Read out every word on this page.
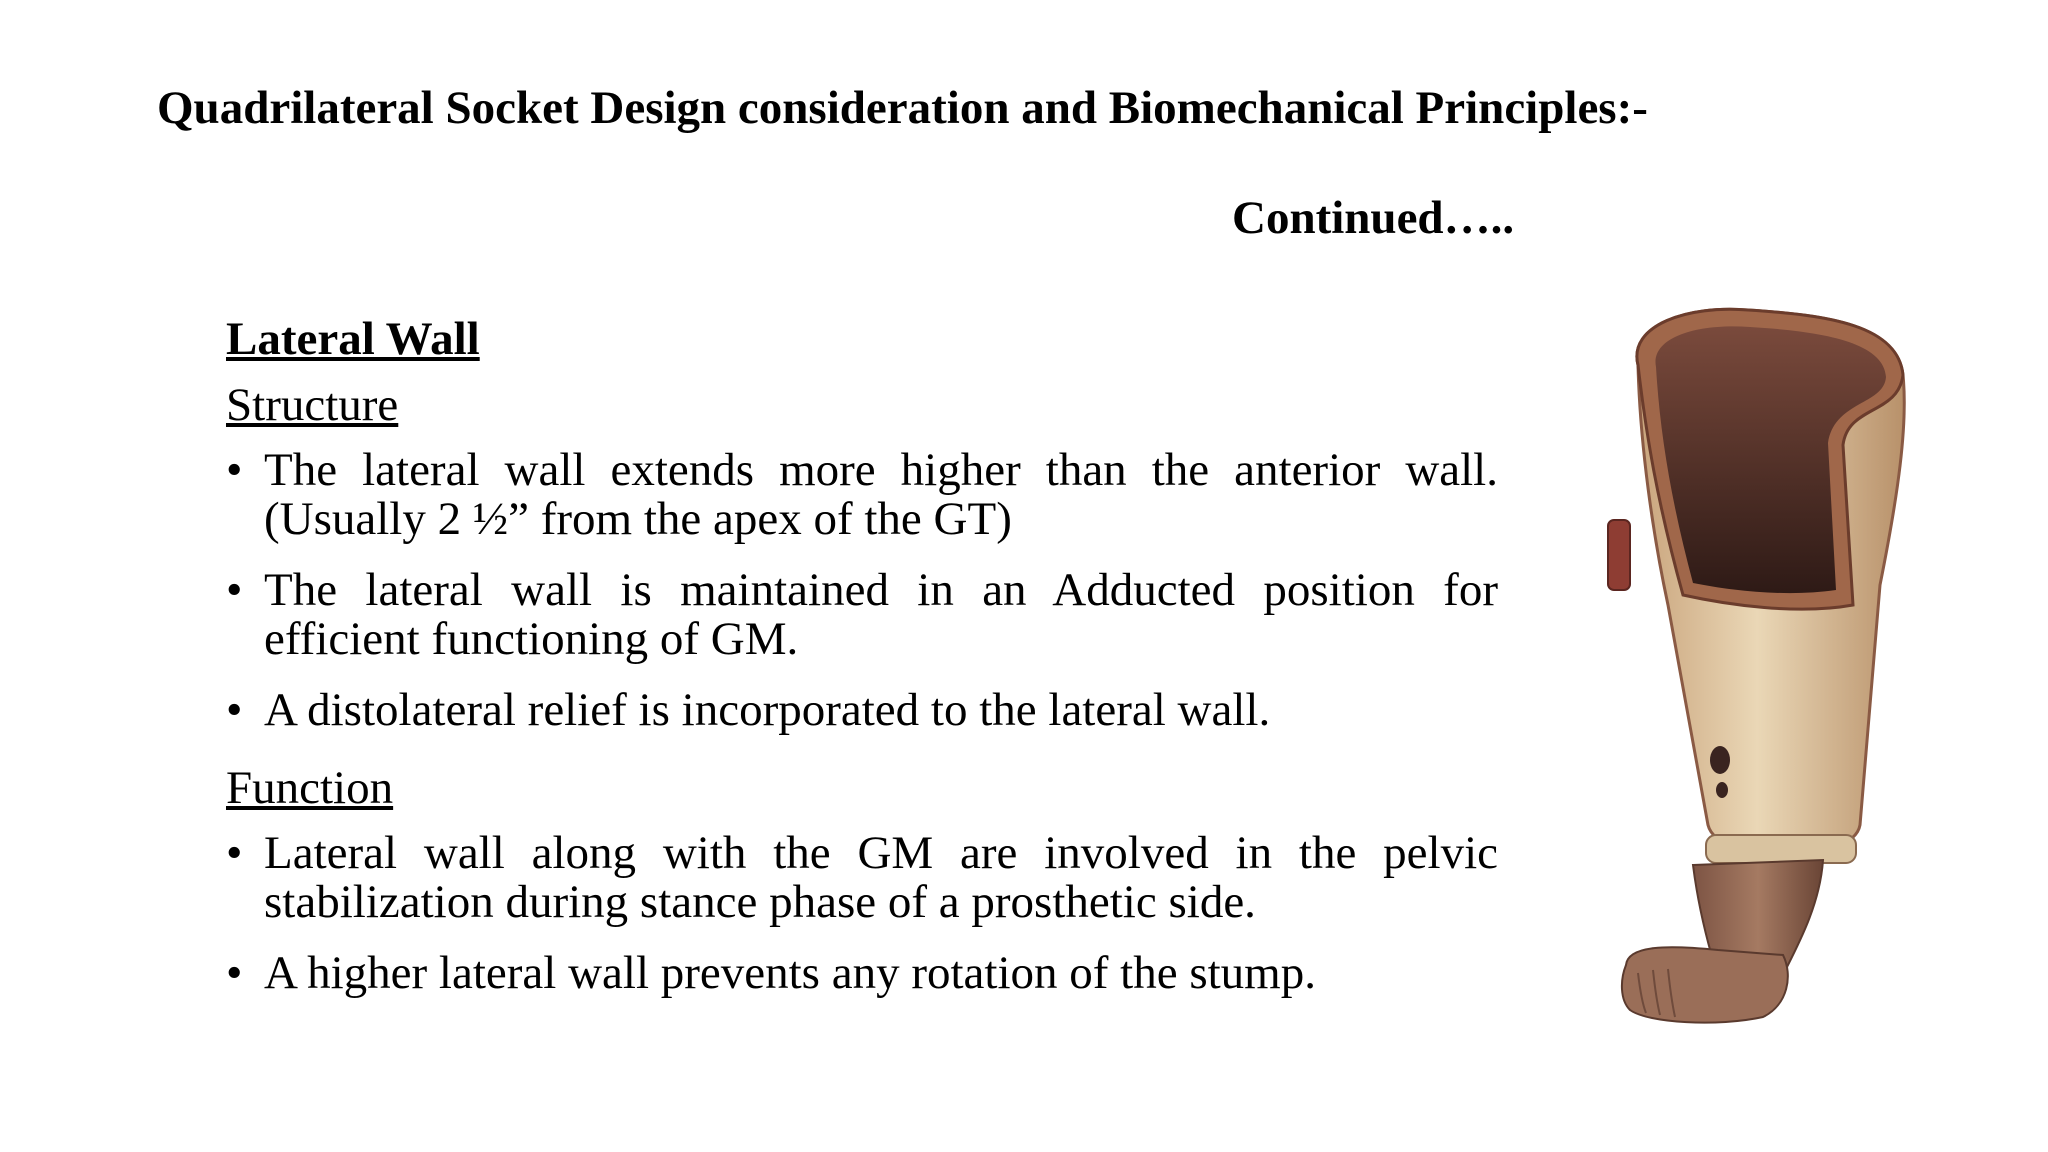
Quadrilateral Socket Design consideration and Biomechanical Principles:-
Continued…..
Lateral Wall
Structure
• The lateral wall extends more higher than the anterior wall. (Usually 2 ½” from the apex of the GT)
• The lateral wall is maintained in an Adducted position for efficient functioning of GM.
• A distolateral relief is incorporated to the lateral wall.
Function
• Lateral wall along with the GM are involved in the pelvic stabilization during stance phase of a prosthetic side.
• A higher lateral wall prevents any rotation of the stump.
